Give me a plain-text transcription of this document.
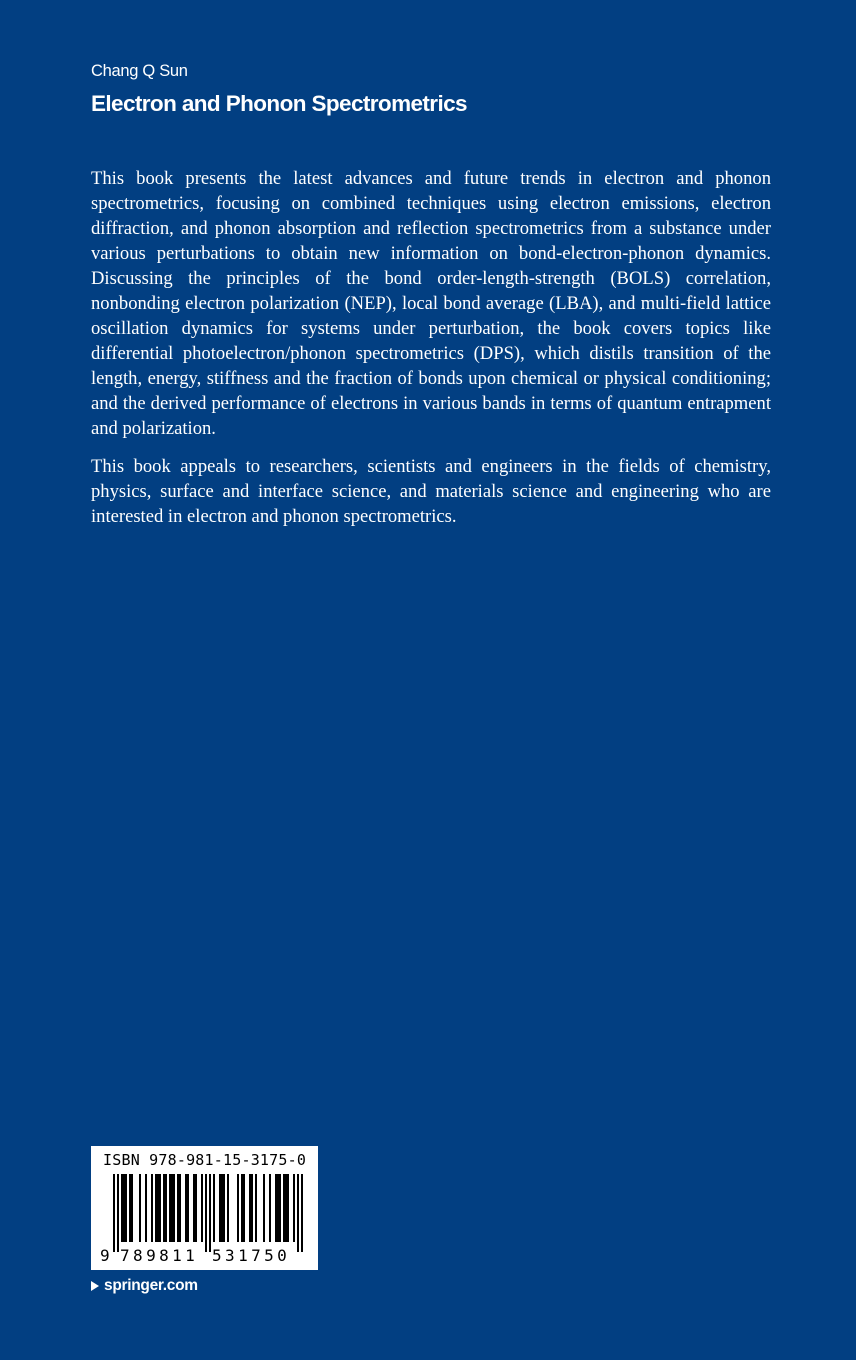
Chang Q Sun
Electron and Phonon Spectrometrics

This book presents the latest advances and future trends in electron and phonon spectrometrics, focusing on combined techniques using electron emissions, electron diffraction, and phonon absorption and reflection spectrometrics from a substance under various perturbations to obtain new information on bond-electron-phonon dynamics. Discussing the principles of the bond order-length-strength (BOLS) correlation, nonbonding electron polarization (NEP), local bond average (LBA), and multi-field lattice oscillation dynamics for systems under perturbation, the book covers topics like differential photoelectron/phonon spectrometrics (DPS), which distils transition of the length, energy, stiffness and the fraction of bonds upon chemical or physical conditioning; and the derived performance of electrons in various bands in terms of quantum entrapment and polarization.

This book appeals to researchers, scientists and engineers in the fields of chemistry, physics, surface and interface science, and materials science and engineering who are interested in electron and phonon spectrometrics.

ISBN 978-981-15-3175-0
9 789811 531750
springer.com
